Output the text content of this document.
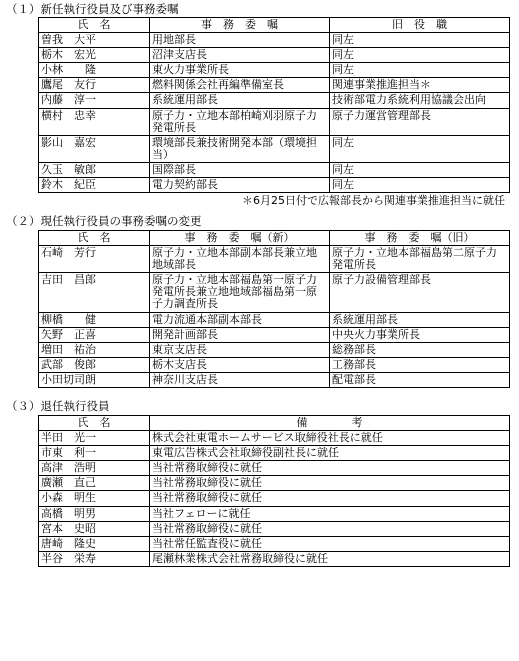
（１）新任執行役員及び事務委嘱
氏　名	事　務　委　嘱	旧　役　職
曽我　大平	用地部長	同左
栃木　宏光	沼津支店長	同左
小林　　隆	東火力事業所長	同左
鷹尾　友行	燃料関係会社再編準備室長	関連事業推進担当＊
内藤　淳一	系統運用部長	技術部電力系統利用協議会出向
横村　忠幸	原子力・立地本部柏崎刈羽原子力発電所長	原子力運営管理部長
影山　嘉宏	環境部長兼技術開発本部（環境担当）	同左
久玉　敏郎	国際部長	同左
鈴木　紀臣	電力契約部長	同左
＊6月25日付で広報部長から関連事業推進担当に就任
（２）現任執行役員の事務委嘱の変更
氏　名	事　務　委　嘱（新）	事　務　委　嘱（旧）
石崎　芳行	原子力・立地本部副本部長兼立地地域部長	原子力・立地本部福島第二原子力発電所長
吉田　昌郎	原子力・立地本部福島第一原子力発電所長兼立地地域部福島第一原子力調査所長	原子力設備管理部長
柳橋　　健	電力流通本部副本部長	系統運用部長
矢野　正喜	開発計画部長	中央火力事業所長
増田　祐治	東京支店長	総務部長
武部　俊郎	栃木支店長	工務部長
小田切司朗	神奈川支店長	配電部長
（３）退任執行役員
氏　名	備　　　　考
半田　光一	株式会社東電ホームサービス取締役社長に就任
市東　利一	東電広告株式会社取締役副社長に就任
高津　浩明	当社常務取締役に就任
廣瀬　直己	当社常務取締役に就任
小森　明生	当社常務取締役に就任
高橋　明男	当社フェローに就任
宮本　史昭	当社常務取締役に就任
唐崎　隆史	当社常任監査役に就任
半谷　栄寿	尾瀬林業株式会社常務取締役に就任
